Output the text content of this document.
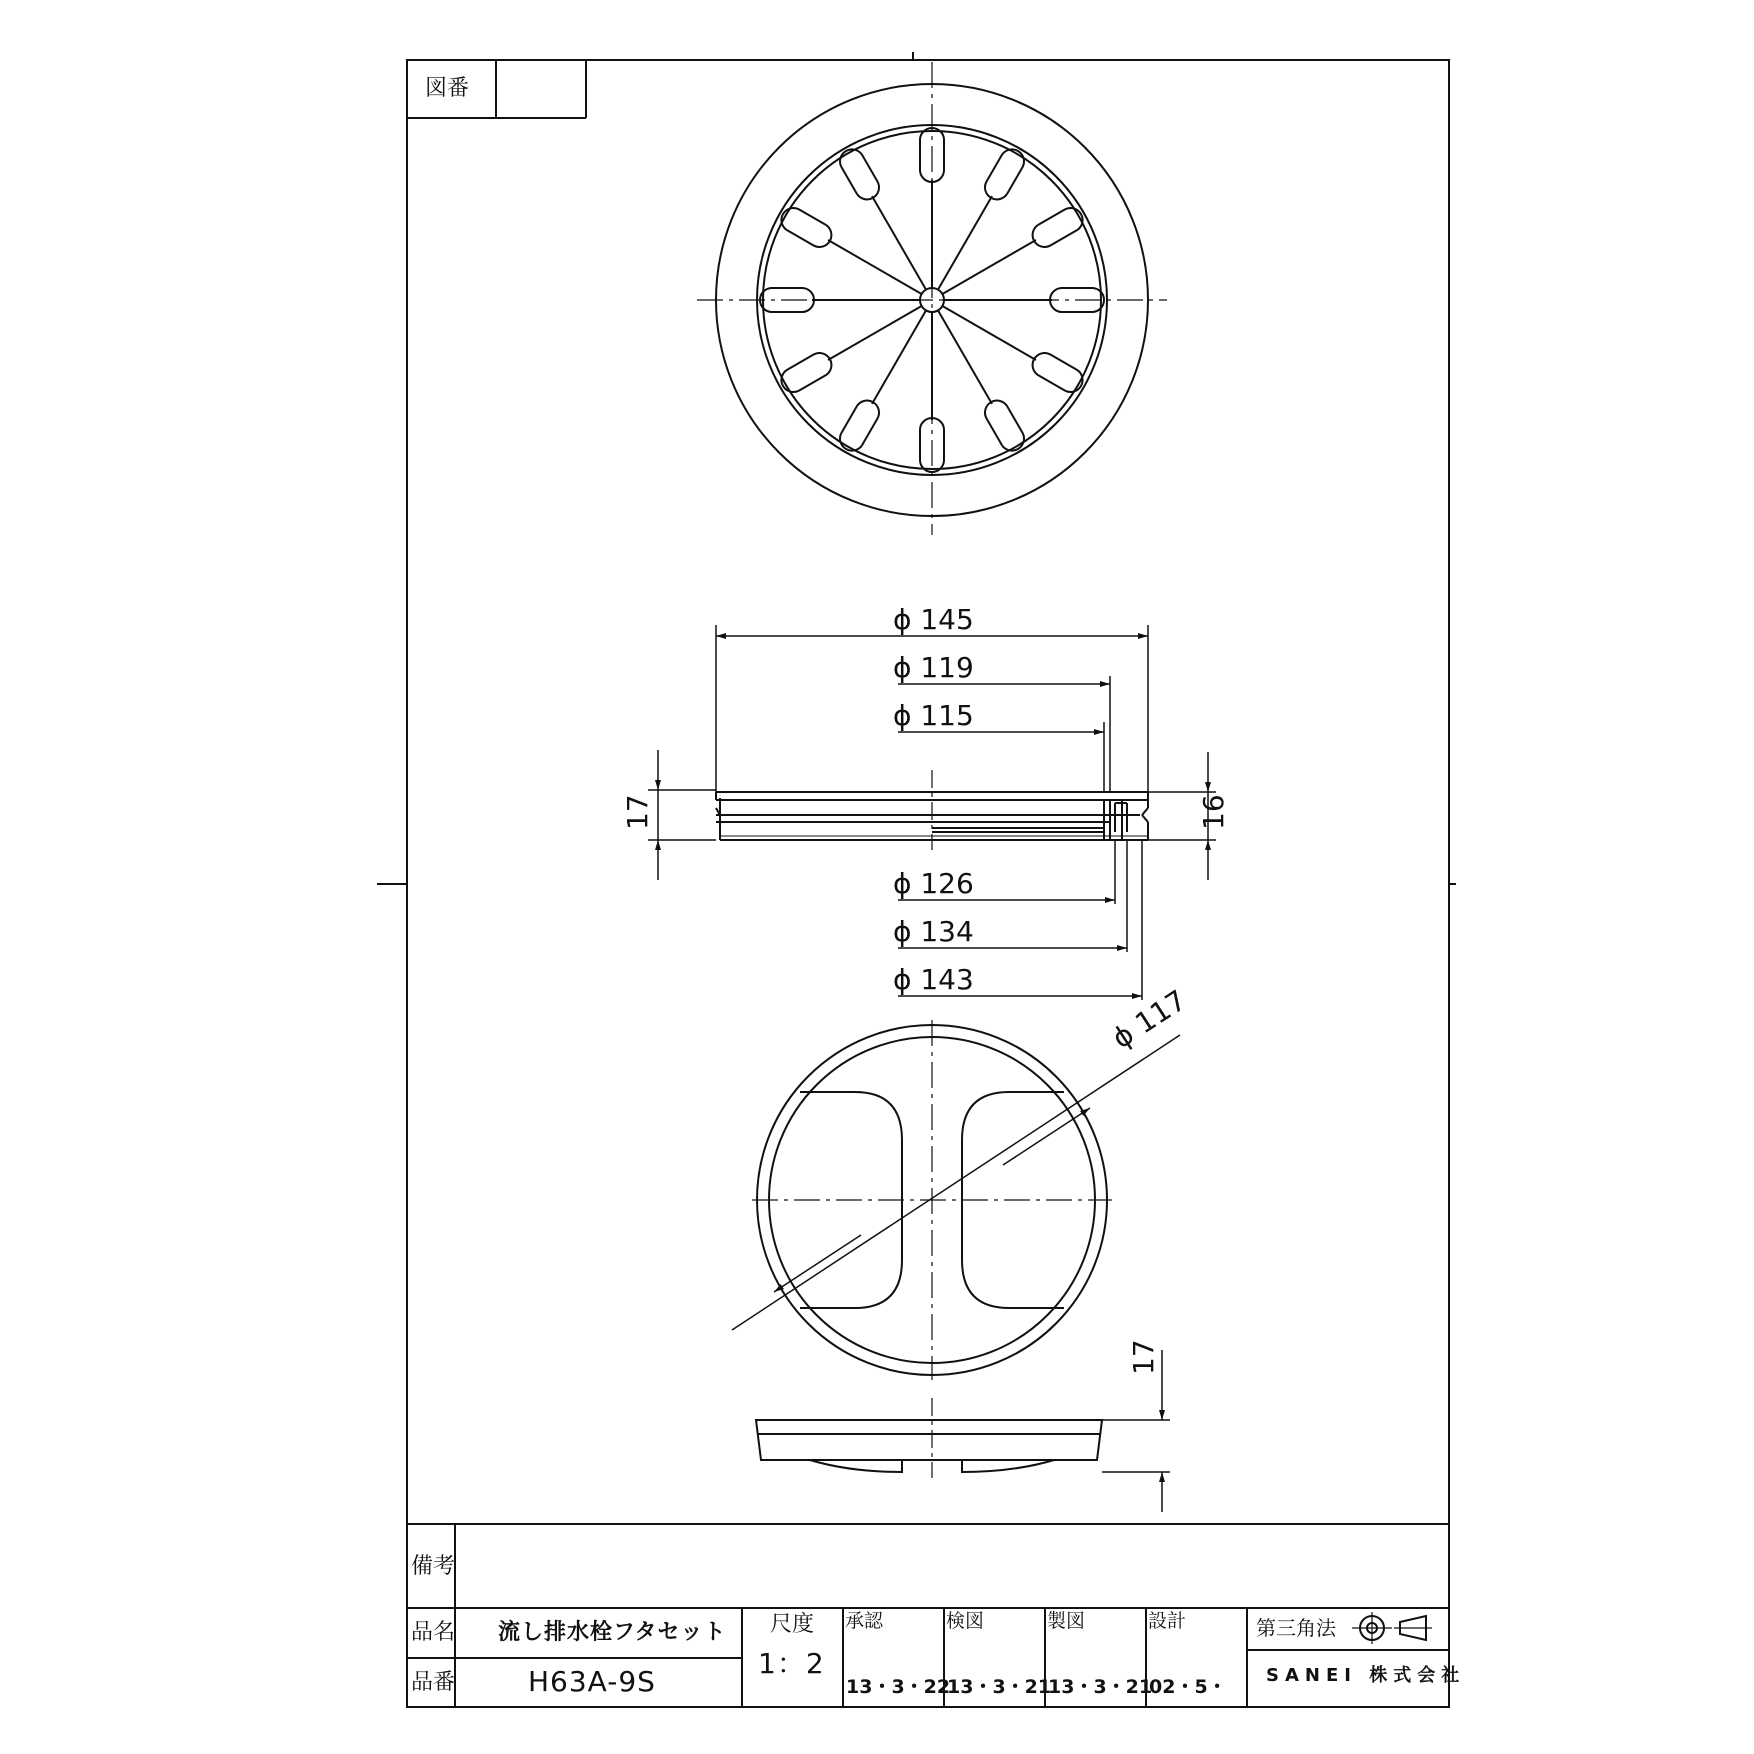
図番
ϕ 145
ϕ 119
ϕ 115
ϕ 126
ϕ 134
ϕ 143
ϕ 117
17	16
17
備考
品名 流し排水栓フタセット
品番	H63A-9S
尺度
1：2
承認
13・3・22
検図
13・3・21
製図
13・3・21
設計
02・5・
第三角法
SANEI 株式会社
